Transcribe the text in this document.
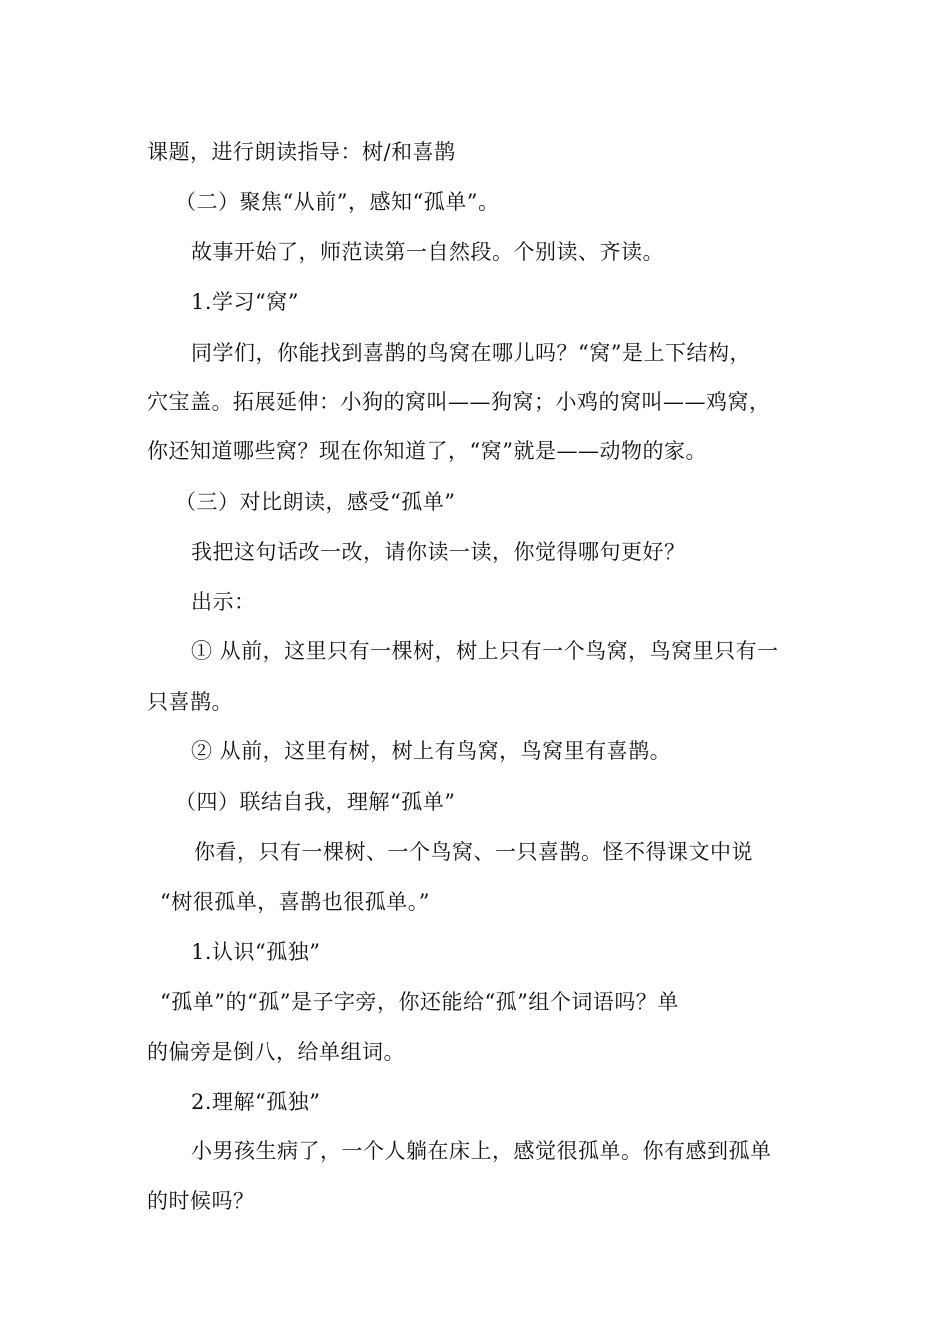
课题，进行朗读指导：树/和喜鹊
（二）聚焦“从前”，感知“孤单”。
故事开始了，师范读第一自然段。个别读、齐读。
1.学习“窝”
同学们，你能找到喜鹊的鸟窝在哪儿吗？“窝”是上下结构，
穴宝盖。拓展延伸：小狗的窝叫——狗窝；小鸡的窝叫——鸡窝，
你还知道哪些窝？现在你知道了，“窝”就是——动物的家。
（三）对比朗读，感受“孤单”
我把这句话改一改，请你读一读，你觉得哪句更好？
出示：
① 从前，这里只有一棵树，树上只有一个鸟窝，鸟窝里只有一
只喜鹊。
② 从前，这里有树，树上有鸟窝，鸟窝里有喜鹊。
（四）联结自我，理解“孤单”
你看，只有一棵树、一个鸟窝、一只喜鹊。怪不得课文中说
“树很孤单，喜鹊也很孤单。”
1.认识“孤独”
“孤单”的“孤”是子字旁，你还能给“孤”组个词语吗？单
的偏旁是倒八，给单组词。
2.理解“孤独”
小男孩生病了，一个人躺在床上，感觉很孤单。你有感到孤单
的时候吗？
